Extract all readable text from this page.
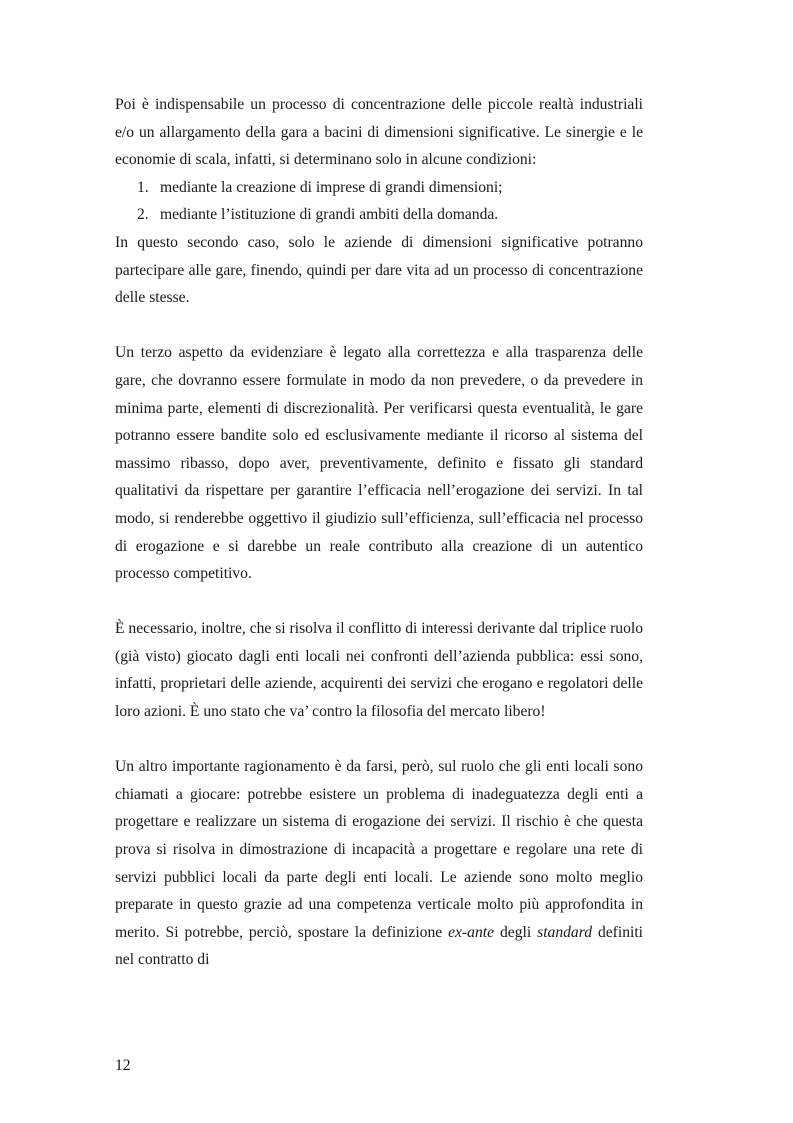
Poi è indispensabile un processo di concentrazione delle piccole realtà industriali e/o un allargamento della gara a bacini di dimensioni significative. Le sinergie e le economie di scala, infatti, si determinano solo in alcune condizioni:

1. mediante la creazione di imprese di grandi dimensioni;
2. mediante l’istituzione di grandi ambiti della domanda.

In questo secondo caso, solo le aziende di dimensioni significative potranno partecipare alle gare, finendo, quindi per dare vita ad un processo di concentrazione delle stesse.

Un terzo aspetto da evidenziare è legato alla correttezza e alla trasparenza delle gare, che dovranno essere formulate in modo da non prevedere, o da prevedere in minima parte, elementi di discrezionalità. Per verificarsi questa eventualità, le gare potranno essere bandite solo ed esclusivamente mediante il ricorso al sistema del massimo ribasso, dopo aver, preventivamente, definito e fissato gli standard qualitativi da rispettare per garantire l’efficacia nell’erogazione dei servizi. In tal modo, si renderebbe oggettivo il giudizio sull’efficienza, sull’efficacia nel processo di erogazione e si darebbe un reale contributo alla creazione di un autentico processo competitivo.

È necessario, inoltre, che si risolva il conflitto di interessi derivante dal triplice ruolo (già visto) giocato dagli enti locali nei confronti dell’azienda pubblica: essi sono, infatti, proprietari delle aziende, acquirenti dei servizi che erogano e regolatori delle loro azioni. È uno stato che va’ contro la filosofia del mercato libero!

Un altro importante ragionamento è da farsi, però, sul ruolo che gli enti locali sono chiamati a giocare: potrebbe esistere un problema di inadeguatezza degli enti a progettare e realizzare un sistema di erogazione dei servizi. Il rischio è che questa prova si risolva in dimostrazione di incapacità a progettare e regolare una rete di servizi pubblici locali da parte degli enti locali. Le aziende sono molto meglio preparate in questo grazie ad una competenza verticale molto più approfondita in merito. Si potrebbe, perciò, spostare la definizione ex-ante degli standard definiti nel contratto di

12
